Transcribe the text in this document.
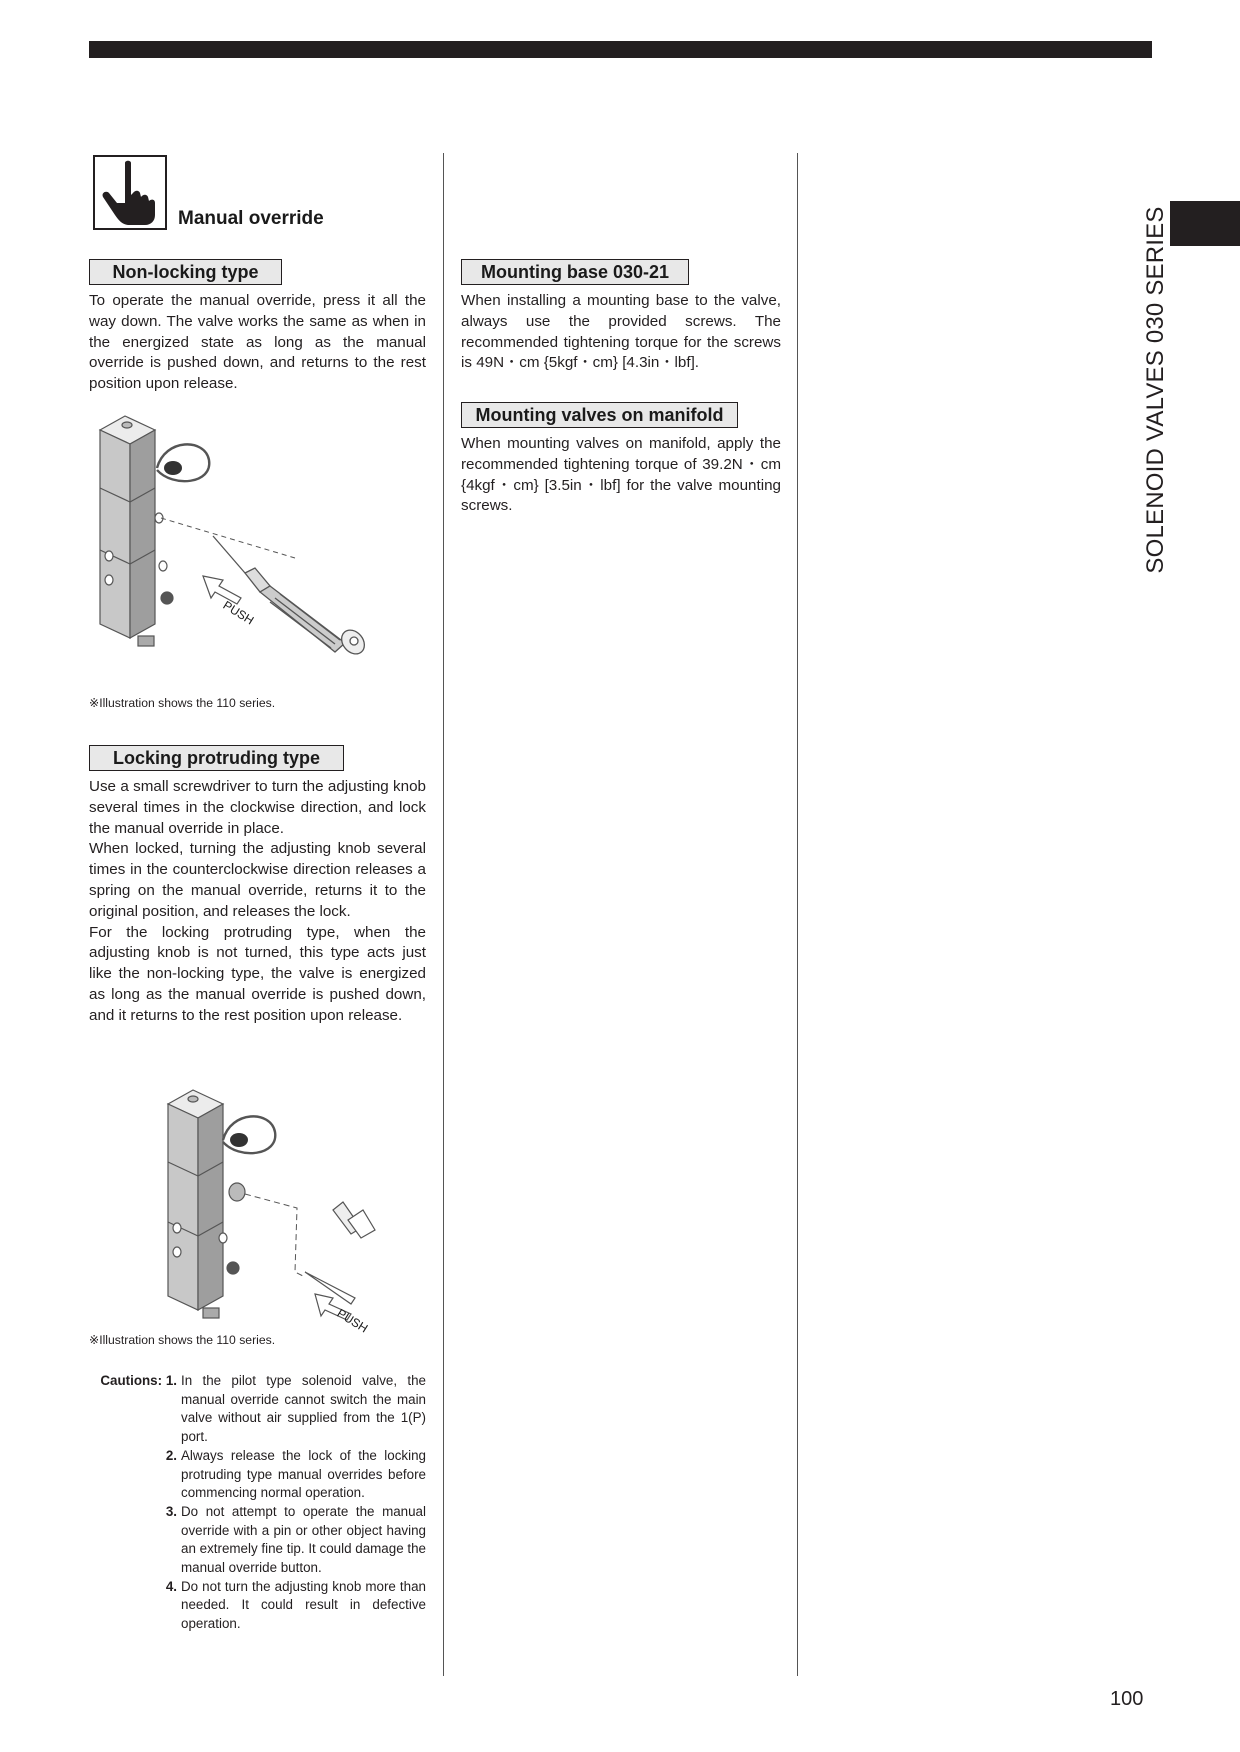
SOLENOID VALVES 030 SERIES
Manual override
Non-locking type

To operate the manual override, press it all the way down. The valve works the same as when in the energized state as long as the manual override is pushed down, and returns to the rest position upon release.

PUSH
※Illustration shows the 110 series.
Locking protruding type

Use a small screwdriver to turn the adjusting knob several times in the clockwise direction, and lock the manual override in place.

When locked, turning the adjusting knob several times in the counterclockwise direction releases a spring on the manual override, returns it to the original position, and releases the lock.

For the locking protruding type, when the adjusting knob is not turned, this type acts just like the non-locking type, the valve is energized as long as the manual override is pushed down, and it returns to the rest position upon release.

PUSH
※Illustration shows the 110 series.
Cautions: 1. In the pilot type solenoid valve, the manual override cannot switch the main valve without air supplied from the 1(P) port.
2. Always release the lock of the locking protruding type manual overrides before commencing normal operation.
3. Do not attempt to operate the manual override with a pin or other object having an extremely fine tip. It could damage the manual override button.
4. Do not turn the adjusting knob more than needed. It could result in defective operation.
Mounting base 030-21

When installing a mounting base to the valve, always use the provided screws. The recommended tightening torque for the screws is 49N・cm {5kgf・cm} [4.3in・lbf].

Mounting valves on manifold

When mounting valves on manifold, apply the recommended tightening torque of 39.2N・cm {4kgf・cm} [3.5in・lbf] for the valve mounting screws.

100
